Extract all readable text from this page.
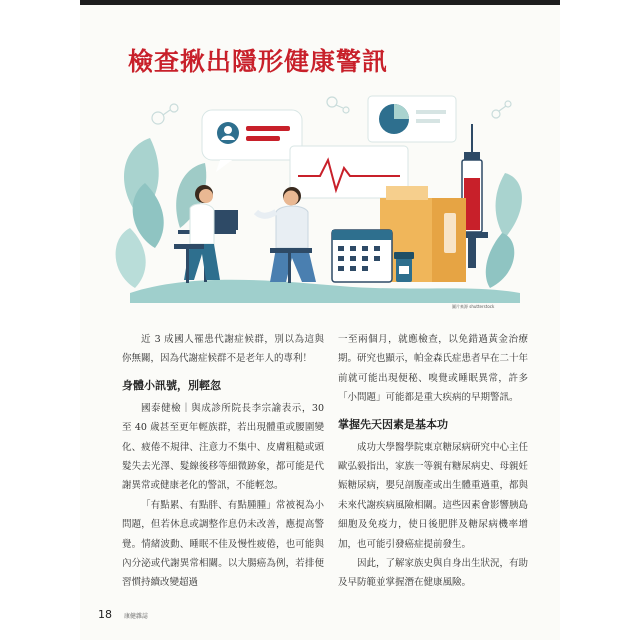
檢查揪出隱形健康警訊
圖片來源 shutterstock

近 3 成國人罹患代謝症候群，別以為這與你無關，因為代謝症候群不是老年人的專利！

身體小訊號，別輕忽

國泰健檢｜與成診所院長李宗諭表示，30 至 40 歲甚至更年輕族群，若出現體重或腰圍變化、疲倦不規律、注意力不集中、皮膚粗糙或頭髮失去光澤、髮線後移等細微跡象，都可能是代謝異常或健康老化的警訊，不能輕忽。

「有點累、有點胖、有點腫腫」常被視為小問題，但若休息或調整作息仍未改善，應提高警覺。情緒波動、睡眠不佳及慢性疲倦，也可能與內分泌或代謝異常相關。以大腸癌為例，若排便習慣持續改變超過

一至兩個月，就應檢查，以免錯過黃金治療期。研究也顯示，帕金森氏症患者早在二十年前就可能出現便秘、嗅覺或睡眠異常，許多「小問題」可能都是重大疾病的早期警訊。

掌握先天因素是基本功

成功大學醫學院東京糖尿病研究中心主任歐弘毅指出，家族一等親有糖尿病史、母親妊娠糖尿病，嬰兒剖腹產或出生體重過重，都與未來代謝疾病風險相關。這些因素會影響胰島細胞及免疫力，使日後肥胖及糖尿病機率增加，也可能引發癌症提前發生。

因此，了解家族史與自身出生狀況，有助及早防範並掌握潛在健康風險。

18 康健雜誌
